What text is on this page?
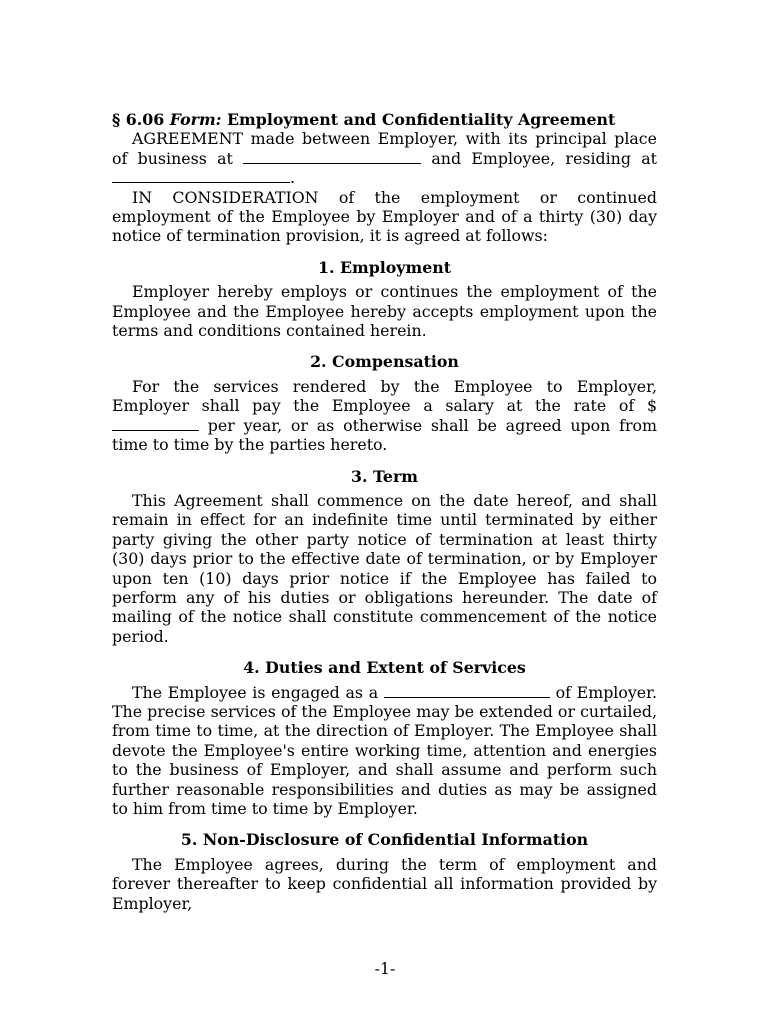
§ 6.06 Form: Employment and Confidentiality Agreement

AGREEMENT made between Employer, with its principal place of business at	and Employee, residing at .

IN CONSIDERATION of the employment or continued employment of the Employee by Employer and of a thirty (30) day notice of termination provision, it is agreed at follows:

1. Employment

Employer hereby employs or continues the employment of the Employee and the Employee hereby accepts employment upon the terms and conditions contained herein.

2. Compensation

For the services rendered by the Employee to Employer, Employer shall pay the Employee a salary at the rate of $ per year, or as otherwise shall be agreed upon from time to time by the parties hereto.

3. Term

This Agreement shall commence on the date hereof, and shall remain in effect for an indefinite time until terminated by either party giving the other party notice of termination at least thirty (30) days prior to the effective date of termination, or by Employer upon ten (10) days prior notice if the Employee has failed to perform any of his duties or obligations hereunder. The date of mailing of the notice shall constitute commencement of the notice period.

4. Duties and Extent of Services

The Employee is engaged as a	of Employer. The precise services of the Employee may be extended or curtailed, from time to time, at the direction of Employer. The Employee shall devote the Employee's entire working time, attention and energies to the business of Employer, and shall assume and perform such further reasonable responsibilities and duties as may be assigned to him from time to time by Employer.

5. Non-Disclosure of Confidential Information

The Employee agrees, during the term of employment and forever thereafter to keep confidential all information provided by Employer,

-1-
